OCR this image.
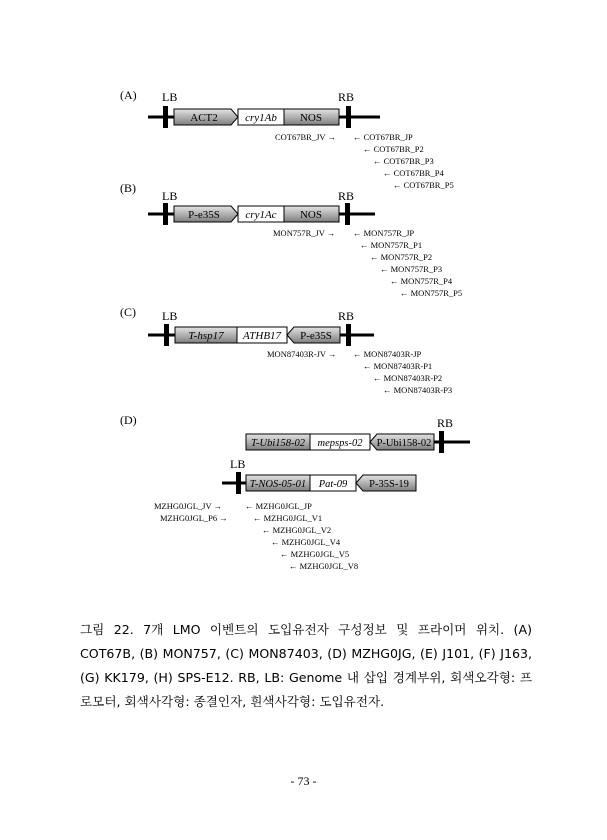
(A) LB	RB
ACT2 cry1Ab NOS
COT67BR_JV → ← COT67BR_JP
← COT67BR_P2
← COT67BR_P3
← COT67BR_P4
← COT67BR_P5
(B)
LB	RB
P-e35S cry1Ac NOS
MON757R_JV → ← MON757R_JP
← MON757R_P1
← MON757R_P2
← MON757R_P3
← MON757R_P4
← MON757R_P5
(C) LB	RB
T-hsp17 ATHB17 P-e35S
MON87403R-JV → ← MON87403R-JP
← MON87403R-P1
← MON87403R-P2
← MON87403R-P3
(D)	RB
T-Ubi158-02 mepsps-02 P-Ubi158-02
LB
T-NOS-05-01 Pat-09 P-35S-19
MZHG0JGL_JV →
MZHG0JGL_P6 →
← MZHG0JGL_JP
← MZHG0JGL_V1
← MZHG0JGL_V2
← MZHG0JGL_V4
← MZHG0JGL_V5
← MZHG0JGL_V8
그림 22. 7개 LMO 이벤트의 도입유전자 구성정보 및 프라이머 위치. (A) COT67B, (B) MON757, (C) MON87403, (D) MZHG0JG, (E) J101, (F) J163, (G) KK179, (H) SPS-E12. RB, LB: Genome 내 삽입 경계부위, 회색오각형: 프로모터, 회색사각형: 종결인자, 흰색사각형: 도입유전자.
- 73 -
